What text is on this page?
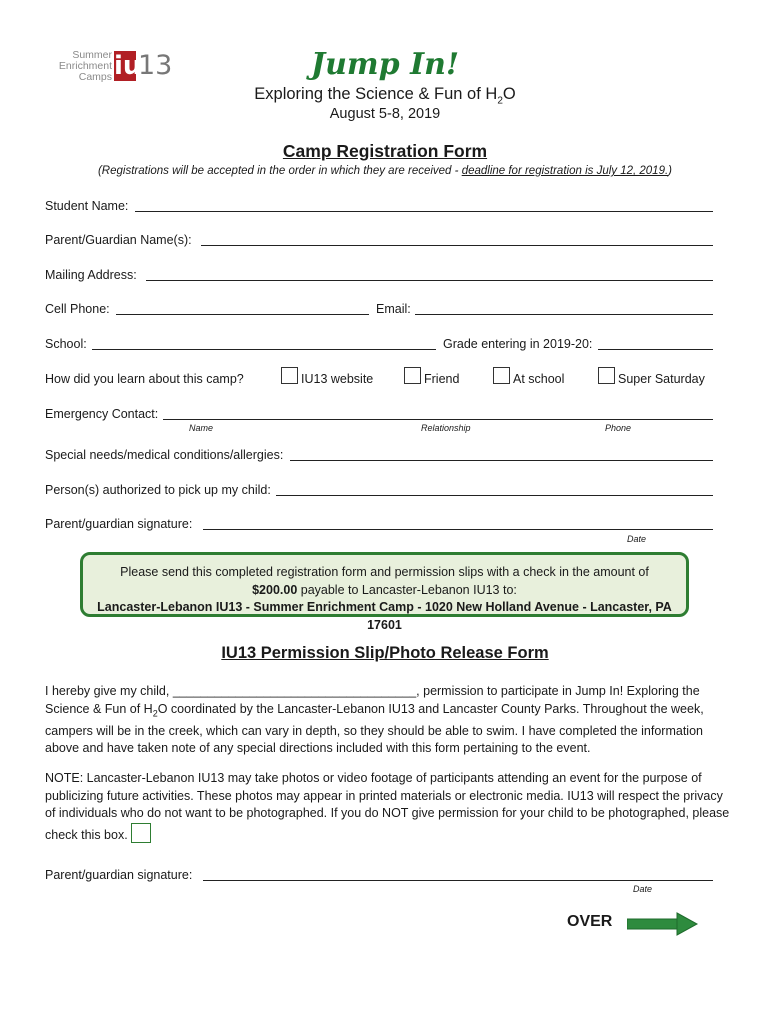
Summer
Enrichment
Camps iu
13	Jump In!
Exploring the Science & Fun of $H_2O$
August 5-8, 2019
Camp Registration Form
(Registrations will be accepted in the order in which they are received - deadline for registration is July 12, 2019.)
Student Name:
Parent/Guardian Name(s):
Mailing Address:
Cell Phone:	Email:
School:	Grade entering in 2019-20:
How did you learn about this camp?	IU13 website	Friend	At school	Super Saturday
Emergency Contact:
Name	Relationship	Phone
Special needs/medical conditions/allergies:
Person(s) authorized to pick up my child:
Parent/guardian signature:
Date
Please send this completed registration form and permission slips with a check in the amount of
$200.00 payable to Lancaster-Lebanon IU13 to:
Lancaster-Lebanon IU13 - Summer Enrichment Camp - 1020 New Holland Avenue - Lancaster, PA 17601
IU13 Permission Slip/Photo Release Form
I hereby give my child, ___________________________________, permission to participate in Jump In! Exploring the Science & Fun of $H_2O$ coordinated by the Lancaster-Lebanon IU13 and Lancaster County Parks. Throughout the week, campers will be in the creek, which can vary in depth, so they should be able to swim. I have completed the information above and have taken note of any special directions included with this form pertaining to the event.
NOTE: Lancaster-Lebanon IU13 may take photos or video footage of participants attending an event for the purpose of publicizing future activities. These photos may appear in printed materials or electronic media. IU13 will respect the privacy of individuals who do not want to be photographed. If you do NOT give permission for your child to be photographed, please check this box.
Parent/guardian signature:
Date
OVER
